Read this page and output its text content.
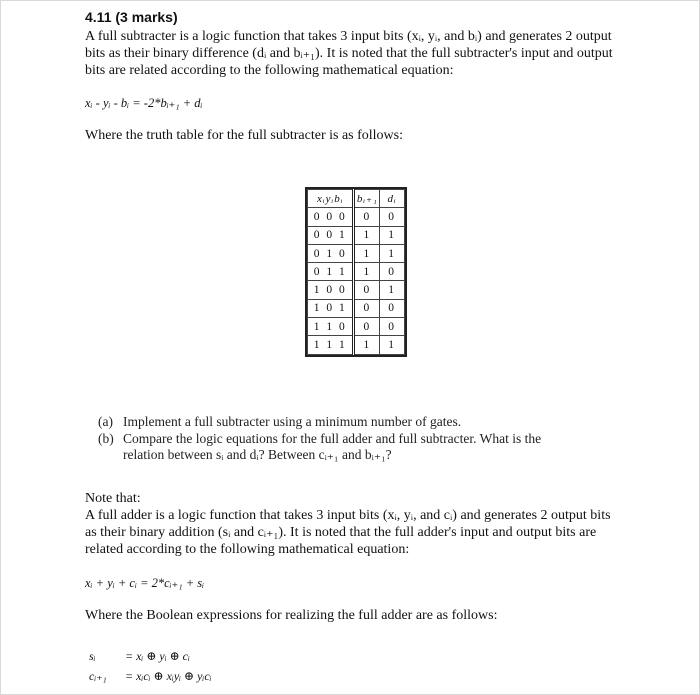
4.11 (3 marks)
A full subtracter is a logic function that takes 3 input bits (xᵢ, yᵢ, and bᵢ) and generates 2 output
bits as their binary difference (dᵢ and bᵢ₊₁). It is noted that the full subtracter's input and output
bits are related according to the following mathematical equation:
xᵢ - yᵢ - bᵢ = -2*bᵢ₊₁ + dᵢ
Where the truth table for the full subtracter is as follows:
xᵢyᵢbᵢ	bᵢ₊₁	dᵢ
0 0 0	0	0
0 0 1	1	1
0 1 0	1	1
0 1 1	1	0
1 0 0	0	1
1 0 1	0	0
1 1 0	0	0
1 1 1	1	1
(a) Implement a full subtracter using a minimum number of gates.
(b) Compare the logic equations for the full adder and full subtracter. What is the
relation between sᵢ and dᵢ? Between cᵢ₊₁ and bᵢ₊₁?
Note that:
A full adder is a logic function that takes 3 input bits (xᵢ, yᵢ, and cᵢ) and generates 2 output bits
as their binary addition (sᵢ and cᵢ₊₁). It is noted that the full adder's input and output bits are
related according to the following mathematical equation:
xᵢ + yᵢ + cᵢ = 2*cᵢ₊₁ + sᵢ
Where the Boolean expressions for realizing the full adder are as follows:
sᵢ = xᵢ ⊕ yᵢ ⊕ cᵢ
cᵢ₊₁ = xᵢcᵢ ⊕ xᵢyᵢ ⊕ yᵢcᵢ
